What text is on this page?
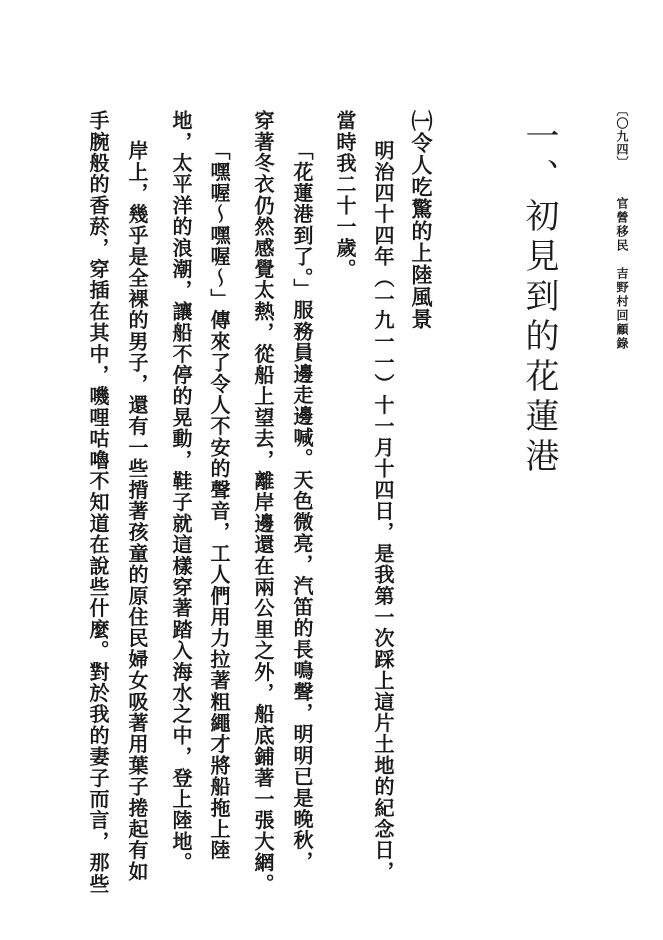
〔〇九四〕
官營移民　吉野村回顧錄
一、初見到的花蓮港
㈠令人吃驚的上陸風景

明治四十四年（一九一一）十一月十四日，是我第一次踩上這片土地的紀念日，

當時我二十一歲。

「花蓮港到了。」服務員邊走邊喊。天色微亮，汽笛的長鳴聲，明明已是晚秋，

穿著冬衣仍然感覺太熱，從船上望去，離岸邊還在兩公里之外，船底鋪著一張大網。

「嘿喔～嘿喔～」傳來了令人不安的聲音，工人們用力拉著粗繩才將船拖上陸

地，太平洋的浪潮，讓船不停的晃動，鞋子就這樣穿著踏入海水之中，登上陸地。

岸上，幾乎是全裸的男子，還有一些揹著孩童的原住民婦女吸著用葉子捲起有如

手腕般的香菸，穿插在其中，嘰哩咕嚕不知道在說些什麼。對於我的妻子而言，那些
